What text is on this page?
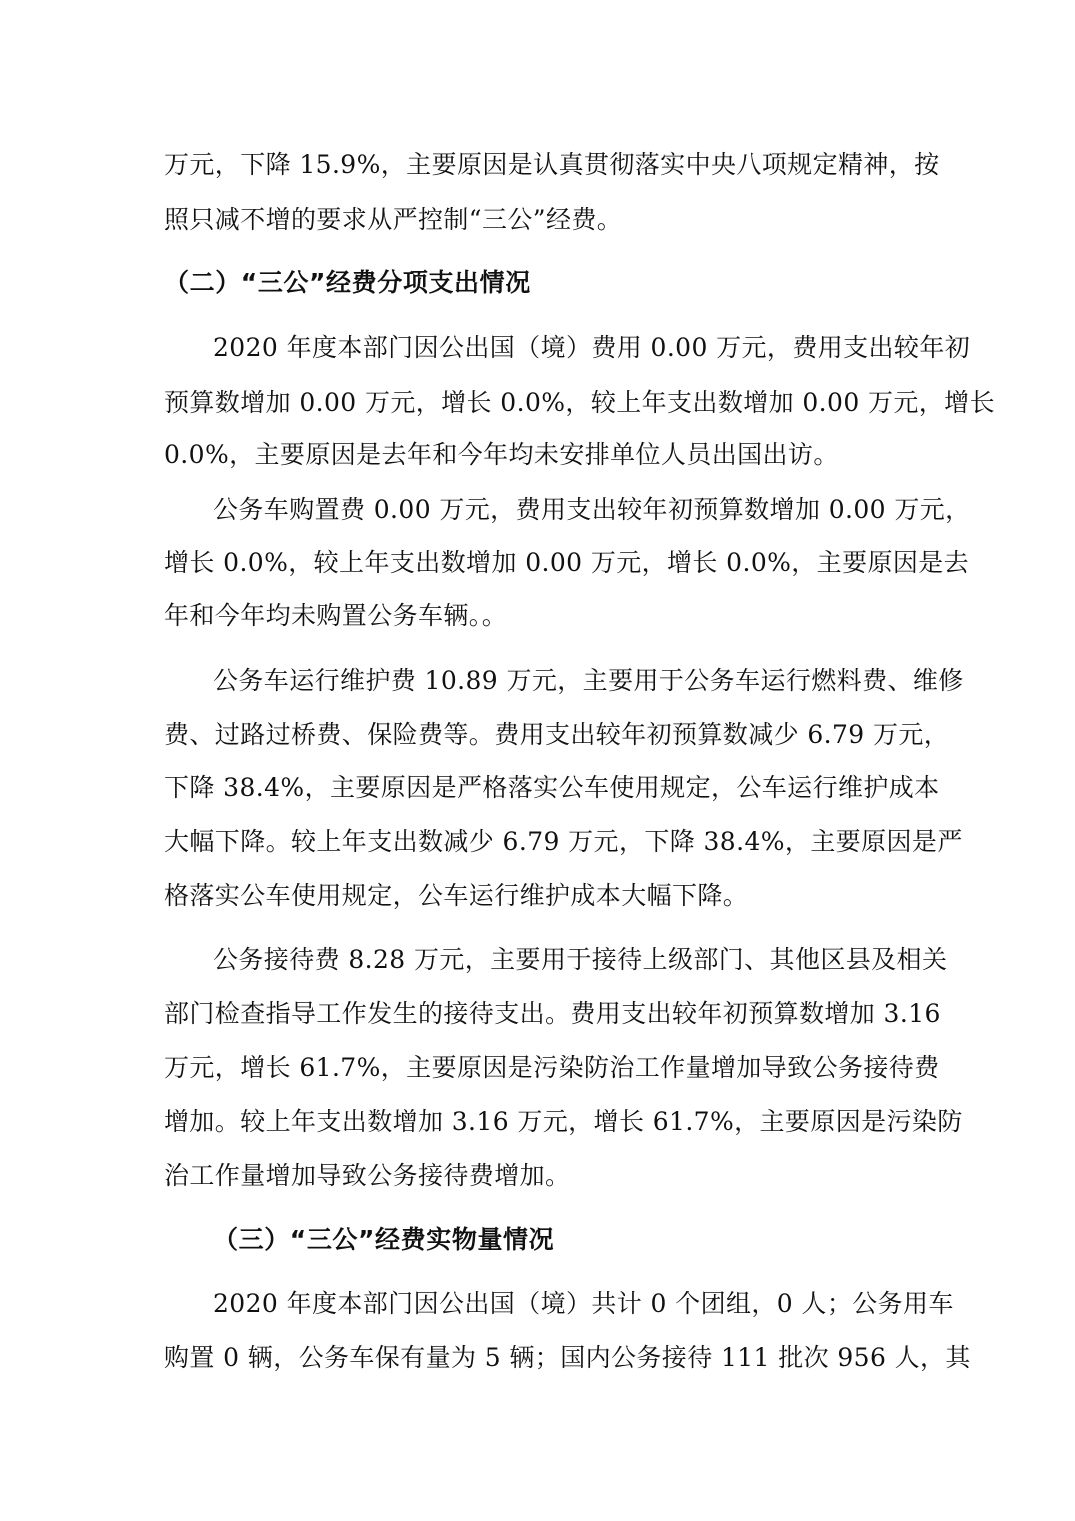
万元，下降 15.9%，主要原因是认真贯彻落实中央八项规定精神，按
照只减不增的要求从严控制“三公”经费。
（二）“三公”经费分项支出情况
2020 年度本部门因公出国（境）费用 0.00 万元，费用支出较年初
预算数增加 0.00 万元，增长 0.0%，较上年支出数增加 0.00 万元，增长
0.0%，主要原因是去年和今年均未安排单位人员出国出访。
公务车购置费 0.00 万元，费用支出较年初预算数增加 0.00 万元，
增长 0.0%，较上年支出数增加 0.00 万元，增长 0.0%，主要原因是去
年和今年均未购置公务车辆。。
公务车运行维护费 10.89 万元，主要用于公务车运行燃料费、维修
费、过路过桥费、保险费等。费用支出较年初预算数减少 6.79 万元，
下降 38.4%，主要原因是严格落实公车使用规定，公车运行维护成本
大幅下降。较上年支出数减少 6.79 万元，下降 38.4%，主要原因是严
格落实公车使用规定，公车运行维护成本大幅下降。
公务接待费 8.28 万元，主要用于接待上级部门、其他区县及相关
部门检查指导工作发生的接待支出。费用支出较年初预算数增加 3.16
万元，增长 61.7%，主要原因是污染防治工作量增加导致公务接待费
增加。较上年支出数增加 3.16 万元，增长 61.7%，主要原因是污染防
治工作量增加导致公务接待费增加。
（三）“三公”经费实物量情况
2020 年度本部门因公出国（境）共计 0 个团组，0 人；公务用车
购置 0 辆，公务车保有量为 5 辆；国内公务接待 111 批次 956 人，其
